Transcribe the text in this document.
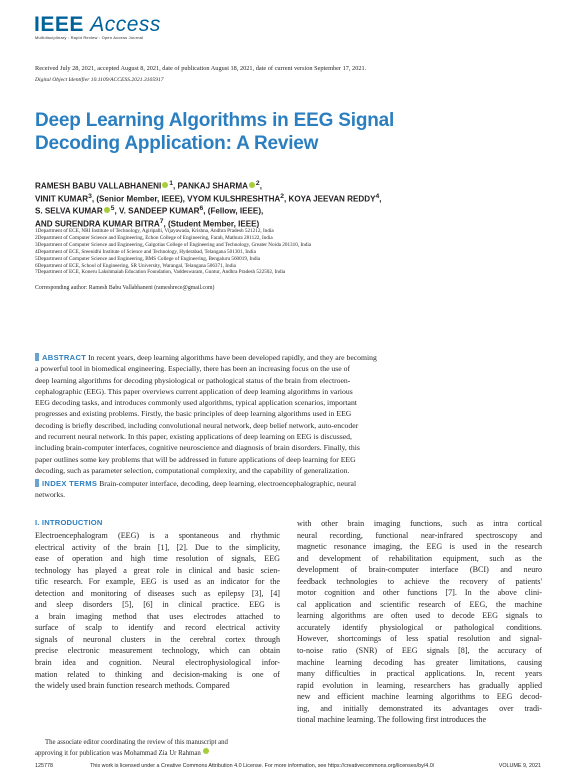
IEEE Access
Multidisciplinary : Rapid Review : Open Access Journal
Received July 28, 2021, accepted August 8, 2021, date of publication August 18, 2021, date of current version September 17, 2021.
Digital Object Identifier 10.1109/ACCESS.2021.3105917
Deep Learning Algorithms in EEG Signal
Decoding Application: A Review
RAMESH BABU VALLABHANENI $^1$, PANKAJ SHARMA $^2$,
VINIT KUMAR$^3$, (Senior Member, IEEE), VYOM KULSHRESHTHA$^2$, KOYA JEEVAN REDDY$^4$,
S. SELVA KUMAR $^5$, V. SANDEEP KUMAR$^6$, (Fellow, IEEE),
AND SURENDRA KUMAR BITRA$^7$, (Student Member, IEEE)
1Department of ECE, NRI Institute of Technology, Agiripalli, Vijayawada, Krishna, Andhra Pradesh 521212, India
2Department of Computer Science and Engineering, Echon College of Engineering, Farah, Mathura 281122, India
3Department of Computer Science and Engineering, Galgotias College of Engineering and Technology, Greater Noida 201310, India
4Department of ECE, Sreenidhi Institute of Science and Technology, Hyderabad, Telangana 501301, India
5Department of Computer Science and Engineering, BMS College of Engineering, Bengaluru 560019, India
6Department of ECE, School of Engineering, SR University, Warangal, Telangana 506371, India
7Department of ECE, Koneru Lakshmaiah Education Foundation, Vaddeswaram, Guntur, Andhra Pradesh 522502, India
Corresponding author: Ramesh Babu Vallabhaneni (rameshrece@gmail.com)
ABSTRACT In recent years, deep learning algorithms have been developed rapidly, and they are becoming
a powerful tool in biomedical engineering. Especially, there has been an increasing focus on the use of
deep learning algorithms for decoding physiological or pathological status of the brain from electroen-
cephalographic (EEG). This paper overviews current application of deep learning algorithms in various
EEG decoding tasks, and introduces commonly used algorithms, typical application scenarios, important
progresses and existing problems. Firstly, the basic principles of deep learning algorithms used in EEG
decoding is briefly described, including convolutional neural network, deep belief network, auto-encoder
and recurrent neural network. In this paper, existing applications of deep learning on EEG is discussed,
including brain-computer interfaces, cognitive neuroscience and diagnosis of brain disorders. Finally, this
paper outlines some key problems that will be addressed in future applications of deep learning for EEG
decoding, such as parameter selection, computational complexity, and the capability of generalization.
INDEX TERMS Brain-computer interface, decoding, deep learning, electroencephalographic, neural
networks.
I. INTRODUCTION
Electroencephalogram (EEG) is a spontaneous and rhythmic
electrical activity of the brain [1], [2]. Due to the simplicity,
ease of operation and high time resolution of signals, EEG
technology has played a great role in clinical and basic scien-
tific research. For example, EEG is used as an indicator for the
detection and monitoring of diseases such as epilepsy [3], [4]
and sleep disorders [5], [6] in clinical practice. EEG is
a brain imaging method that uses electrodes attached to
surface of scalp to identify and record electrical activity
signals of neuronal clusters in the cerebral cortex through
precise electronic measurement technology, which can obtain
brain idea and cognition. Neural electrophysiological infor-
mation related to thinking and decision-making is one of
the widely used brain function research methods. Compared
with other brain imaging functions, such as intra cortical
neural recording, functional near-infrared spectroscopy and
magnetic resonance imaging, the EEG is used in the research
and development of rehabilitation equipment, such as the
development of brain-computer interface (BCI) and neuro
feedback technologies to achieve the recovery of patients'
motor cognition and other functions [7]. In the above clini-
cal application and scientific research of EEG, the machine
learning algorithms are often used to decode EEG signals to
accurately identify physiological or pathological conditions.
However, shortcomings of less spatial resolution and signal-
to-noise ratio (SNR) of EEG signals [8], the accuracy of
machine learning decoding has greater limitations, causing
many difficulties in practical applications. In, recent years
rapid evolution in learning, researchers has gradually applied
new and efficient machine learning algorithms to EEG decod-
ing, and initially demonstrated its advantages over tradi-
tional machine learning. The following first introduces the
The associate editor coordinating the review of this manuscript and
approving it for publication was Mohammad Zia Ur Rahman
125778	This work is licensed under a Creative Commons Attribution 4.0 License. For more information, see https://creativecommons.org/licenses/by/4.0/	VOLUME 9, 2021
